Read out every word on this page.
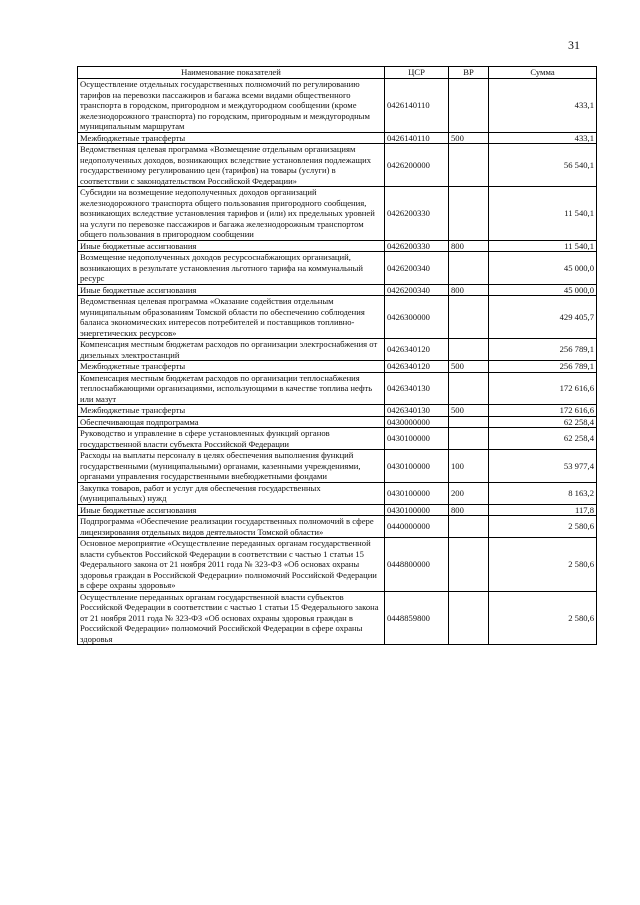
31
Наименование показателей	ЦСР	ВР	Сумма
Осуществление отдельных государственных полномочий по регулированию тарифов на перевозки пассажиров и багажа всеми видами общественного транспорта в городском, пригородном и междугородном сообщении (кроме железнодорожного транспорта) по городским, пригородным и междугородным муниципальным маршрутам	0426140110		433,1
Межбюджетные трансферты	0426140110	500	433,1
Ведомственная целевая программа «Возмещение отдельным организациям недополученных доходов, возникающих вследствие установления подлежащих государственному регулированию цен (тарифов) на товары (услуги) в соответствии с законодательством Российской Федерации»	0426200000		56 540,1
Субсидии на возмещение недополученных доходов организаций железнодорожного транспорта общего пользования пригородного сообщения, возникающих вследствие установления тарифов и (или) их предельных уровней на услуги по перевозке пассажиров и багажа железнодорожным транспортом общего пользования в пригородном сообщении	0426200330		11 540,1
Иные бюджетные ассигнования	0426200330	800	11 540,1
Возмещение недополученных доходов ресурсоснабжающих организаций, возникающих в результате установления льготного тарифа на коммунальный ресурс	0426200340		45 000,0
Иные бюджетные ассигнования	0426200340	800	45 000,0
Ведомственная целевая программа «Оказание содействия отдельным муниципальным образованиям Томской области по обеспечению соблюдения баланса экономических интересов потребителей и поставщиков топливно-энергетических ресурсов»	0426300000		429 405,7
Компенсация местным бюджетам расходов по организации электроснабжения от дизельных электростанций	0426340120		256 789,1
Межбюджетные трансферты	0426340120	500	256 789,1
Компенсация местным бюджетам расходов по организации теплоснабжения теплоснабжающими организациями, использующими в качестве топлива нефть или мазут	0426340130		172 616,6
Межбюджетные трансферты	0426340130	500	172 616,6
Обеспечивающая подпрограмма	0430000000		62 258,4
Руководство и управление в сфере установленных функций органов государственной власти субъекта Российской Федерации	0430100000		62 258,4
Расходы на выплаты персоналу в целях обеспечения выполнения функций государственными (муниципальными) органами, казенными учреждениями, органами управления государственными внебюджетными фондами	0430100000	100	53 977,4
Закупка товаров, работ и услуг для обеспечения государственных (муниципальных) нужд	0430100000	200	8 163,2
Иные бюджетные ассигнования	0430100000	800	117,8
Подпрограмма «Обеспечение реализации государственных полномочий в сфере лицензирования отдельных видов деятельности Томской области»	0440000000		2 580,6
Основное мероприятие «Осуществление переданных органам государственной власти субъектов Российской Федерации в соответствии с частью 1 статьи 15 Федерального закона от 21 ноября 2011 года № 323-ФЗ «Об основах охраны здоровья граждан в Российской Федерации» полномочий Российской Федерации в сфере охраны здоровья»	0448800000		2 580,6
Осуществление переданных органам государственной власти субъектов Российской Федерации в соответствии с частью 1 статьи 15 Федерального закона от 21 ноября 2011 года № 323-ФЗ «Об основах охраны здоровья граждан в Российской Федерации» полномочий Российской Федерации в сфере охраны здоровья	0448859800		2 580,6
